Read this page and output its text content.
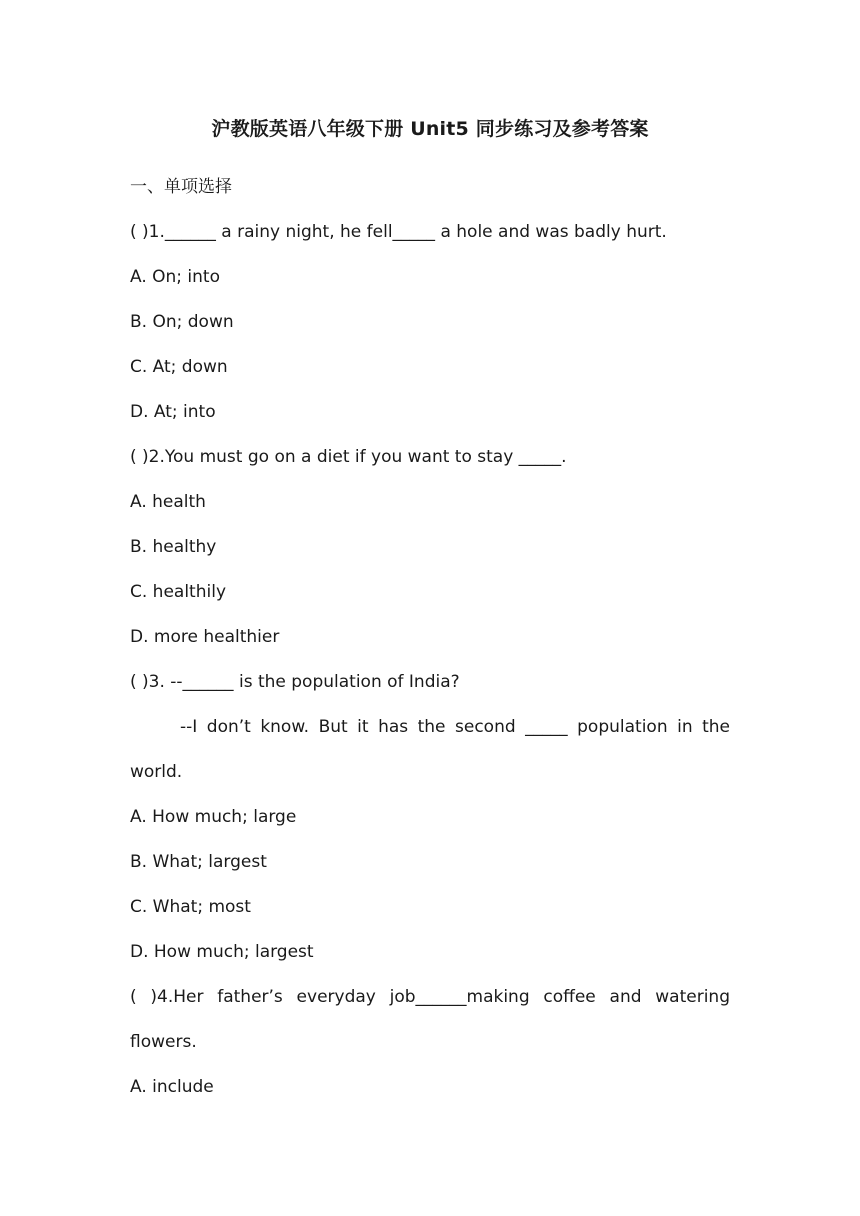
沪教版英语八年级下册 Unit5 同步练习及参考答案
一、单项选择
( )1.______ a rainy night, he fell_____ a hole and was badly hurt.
A. On; into
B. On; down
C. At; down
D. At; into
( )2.You must go on a diet if you want to stay _____.
A. health
B. healthy
C. healthily
D. more healthier
( )3. --______ is the population of India?
--I don’t know. But it has the second _____ population in the
world.
A. How much; large
B. What; largest
C. What; most
D. How much; largest
( )4.Her father’s everyday job______making coffee and watering
flowers.
A. include
